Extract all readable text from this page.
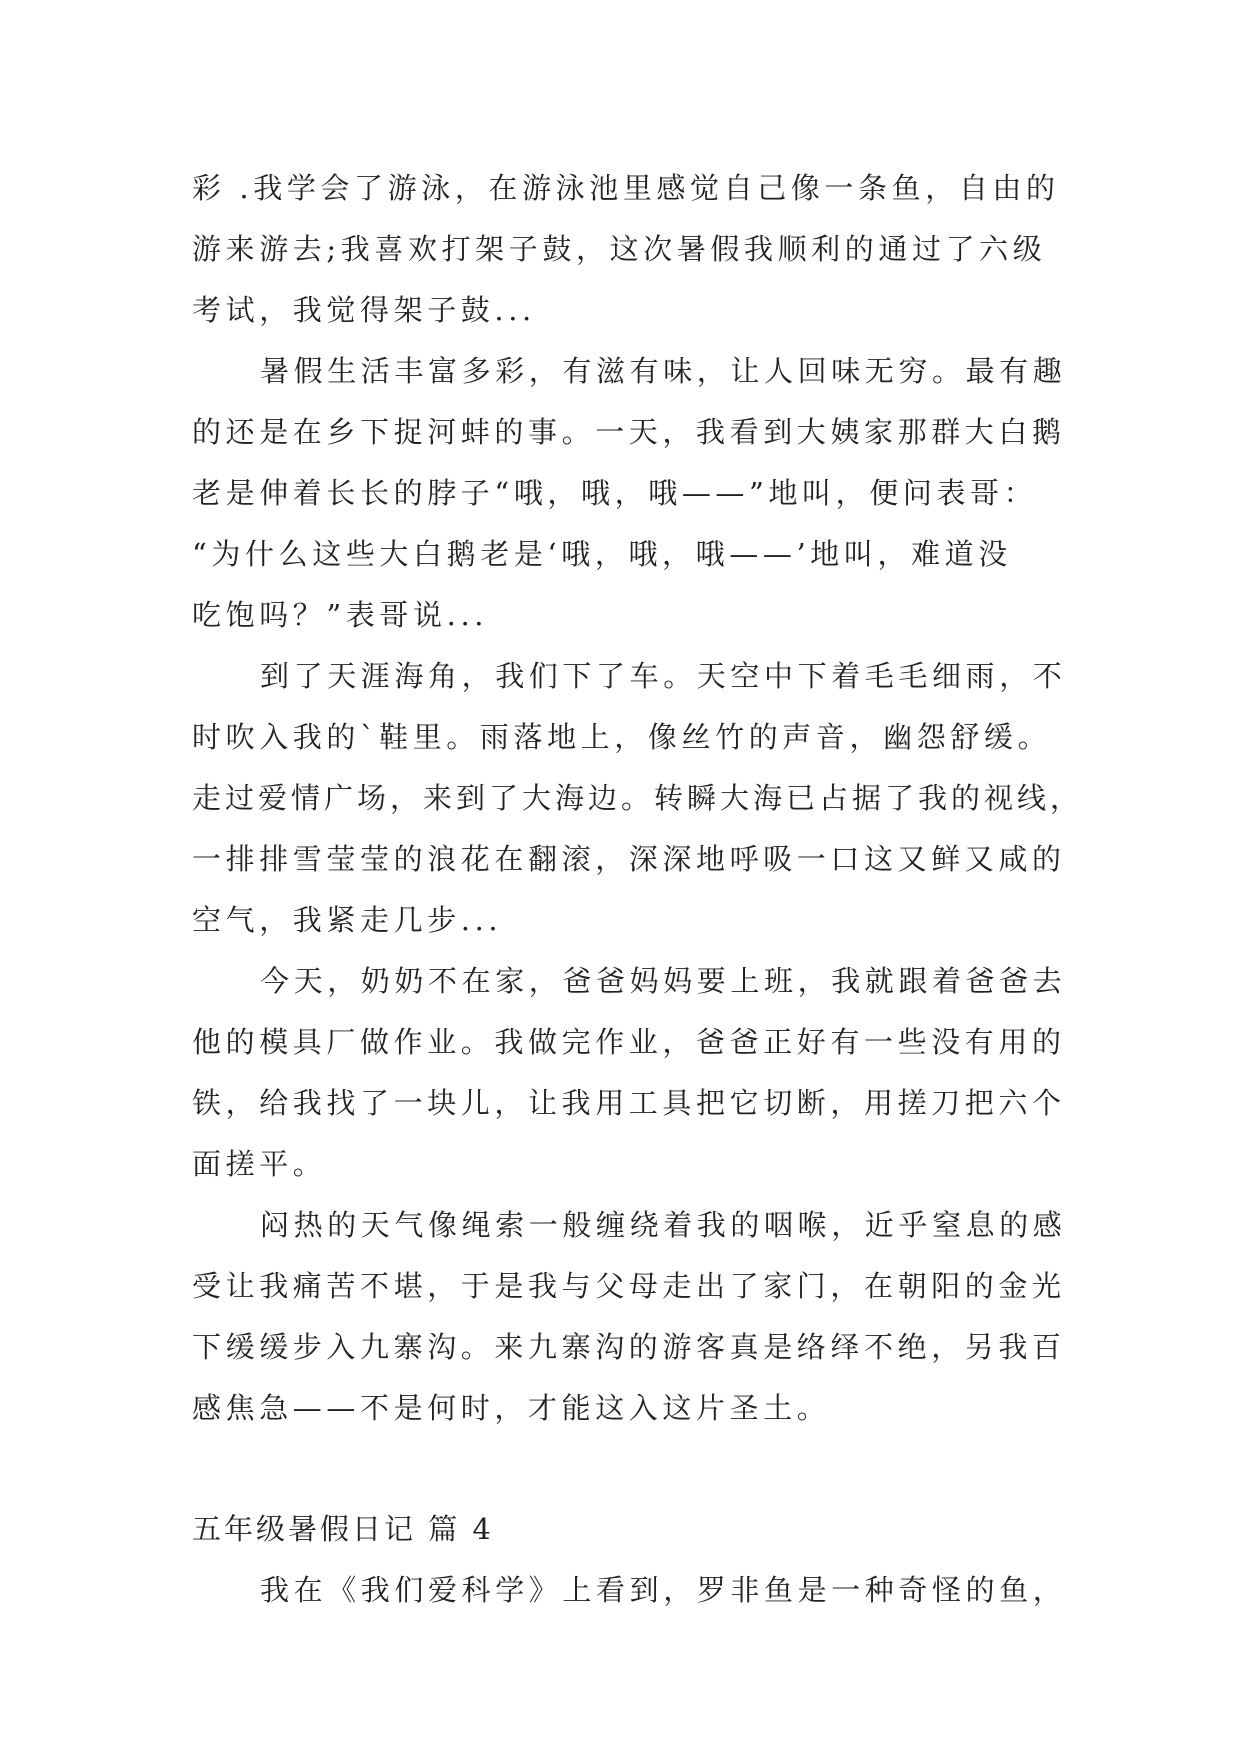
彩 .我学会了游泳，在游泳池里感觉自己像一条鱼，自由的
游来游去;我喜欢打架子鼓，这次暑假我顺利的通过了六级
考试，我觉得架子鼓...
暑假生活丰富多彩，有滋有味，让人回味无穷。最有趣
的还是在乡下捉河蚌的事。一天，我看到大姨家那群大白鹅
老是伸着长长的脖子“哦，哦，哦——”地叫，便问表哥：
“为什么这些大白鹅老是‘哦，哦，哦——’地叫，难道没
吃饱吗？”表哥说...
到了天涯海角，我们下了车。天空中下着毛毛细雨，不
时吹入我的`鞋里。雨落地上，像丝竹的声音，幽怨舒缓。
走过爱情广场，来到了大海边。转瞬大海已占据了我的视线，
一排排雪莹莹的浪花在翻滚，深深地呼吸一口这又鲜又咸的
空气，我紧走几步...
今天，奶奶不在家，爸爸妈妈要上班，我就跟着爸爸去
他的模具厂做作业。我做完作业，爸爸正好有一些没有用的
铁，给我找了一块儿，让我用工具把它切断，用搓刀把六个
面搓平。
闷热的天气像绳索一般缠绕着我的咽喉，近乎窒息的感
受让我痛苦不堪，于是我与父母走出了家门，在朝阳的金光
下缓缓步入九寨沟。来九寨沟的游客真是络绎不绝，另我百
感焦急——不是何时，才能这入这片圣土。
五年级暑假日记 篇 4
我在《我们爱科学》上看到，罗非鱼是一种奇怪的鱼，
